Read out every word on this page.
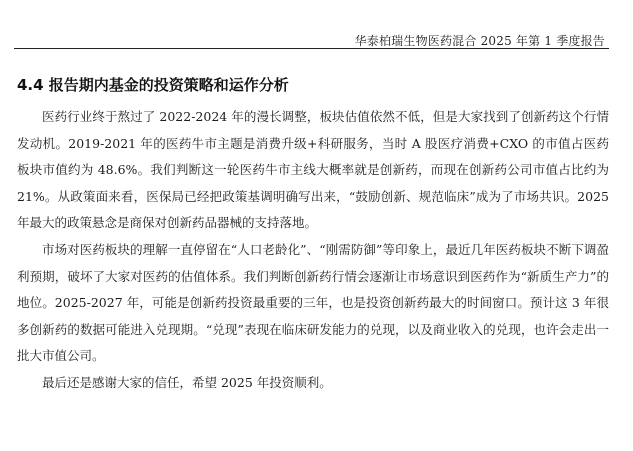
华泰柏瑞生物医药混合 2025 年第 1 季度报告
4.4 报告期内基金的投资策略和运作分析

医药行业终于熬过了 2022-2024 年的漫长调整，板块估值依然不低，但是大家找到了创新药这个行情发动机。2019-2021 年的医药牛市主题是消费升级+科研服务，当时 A 股医疗消费+CXO 的市值占医药板块市值约为 48.6%。我们判断这一轮医药牛市主线大概率就是创新药，而现在创新药公司市值占比约为 21%。从政策面来看，医保局已经把政策基调明确写出来，“鼓励创新、规范临床”成为了市场共识。2025 年最大的政策悬念是商保对创新药品器械的支持落地。

市场对医药板块的理解一直停留在“人口老龄化”、“刚需防御”等印象上，最近几年医药板块不断下调盈利预期，破坏了大家对医药的估值体系。我们判断创新药行情会逐渐让市场意识到医药作为“新质生产力”的地位。2025-2027 年，可能是创新药投资最重要的三年，也是投资创新药最大的时间窗口。预计这 3 年很多创新药的数据可能进入兑现期。“兑现”表现在临床研发能力的兑现，以及商业收入的兑现，也许会走出一批大市值公司。

最后还是感谢大家的信任，希望 2025 年投资顺利。
